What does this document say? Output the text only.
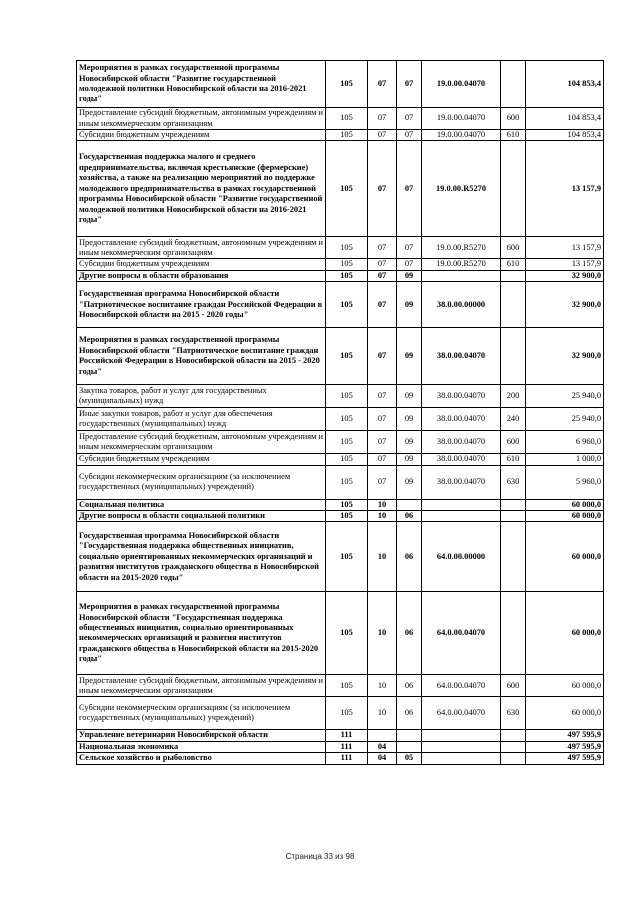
Мероприятия в рамках государственной программы Новосибирской области "Развитие государственной молодежной политики Новосибирской области на 2016-2021 годы"	105	07	07	19.0.00.04070		104 853,4
Предоставление субсидий бюджетным, автономным учреждениям и иным некоммерческим организациям	105	07	07	19.0.00.04070	600	104 853,4
Субсидии бюджетным учреждениям	105	07	07	19.0.00.04070	610	104 853,4
Государственная поддержка малого и среднего предпринимательства, включая крестьянские (фермерские) хозяйства, а также на реализацию мероприятий по поддержке молодежного предпринимательства в рамках государственной программы Новосибирской области "Развитие государственной молодежной политики Новосибирской области на 2016-2021 годы"	105	07	07	19.0.00.R5270		13 157,9
Предоставление субсидий бюджетным, автономным учреждениям и иным некоммерческим организациям	105	07	07	19.0.00.R5270	600	13 157,9
Субсидии бюджетным учреждениям	105	07	07	19.0.00.R5270	610	13 157,9
Другие вопросы в области образования	105	07	09			32 900,0
Государственная программа Новосибирской области "Патриотическое воспитание граждан Российской Федерации в Новосибирской области на 2015 - 2020 годы"	105	07	09	38.0.00.00000		32 900,0
Мероприятия в рамках государственной программы Новосибирской области "Патриотическое воспитание граждан Российской Федерации в Новосибирской области на 2015 - 2020 годы"	105	07	09	38.0.00.04070		32 900,0
Закупка товаров, работ и услуг для государственных (муниципальных) нужд	105	07	09	38.0.00.04070	200	25 940,0
Иные закупки товаров, работ и услуг для обеспечения государственных (муниципальных) нужд	105	07	09	38.0.00.04070	240	25 940,0
Предоставление субсидий бюджетным, автономным учреждениям и иным некоммерческим организациям	105	07	09	38.0.00.04070	600	6 960,0
Субсидии бюджетным учреждениям	105	07	09	38.0.00.04070	610	1 000,0
Субсидии некоммерческим организациям (за исключением государственных (муниципальных) учреждений)	105	07	09	38.0.00.04070	630	5 960,0
Социальная политика	105	10				60 000,0
Другие вопросы в области социальной политики	105	10	06			60 000,0
Государственная программа Новосибирской области "Государственная поддержка общественных инициатив, социально ориентированных некоммерческих организаций и развития институтов гражданского общества в Новосибирской области на 2015-2020 годы"	105	10	06	64.0.00.00000		60 000,0
Мероприятия в рамках государственной программы Новосибирской области "Государственная поддержка общественных инициатив, социально ориентированных некоммерческих организаций и развития институтов гражданского общества в Новосибирской области на 2015-2020 годы"	105	10	06	64.0.00.04070		60 000,0
Предоставление субсидий бюджетным, автономным учреждениям и иным некоммерческим организациям	105	10	06	64.0.00.04070	600	60 000,0
Субсидии некоммерческим организациям (за исключением государственных (муниципальных) учреждений)	105	10	06	64.0.00.04070	630	60 000,0
Управление ветеринарии Новосибирской области	111					497 595,9
Национальная экономика	111	04				497 595,9
Сельское хозяйство и рыболовство	111	04	05			497 595,9
Страница 33 из 98
